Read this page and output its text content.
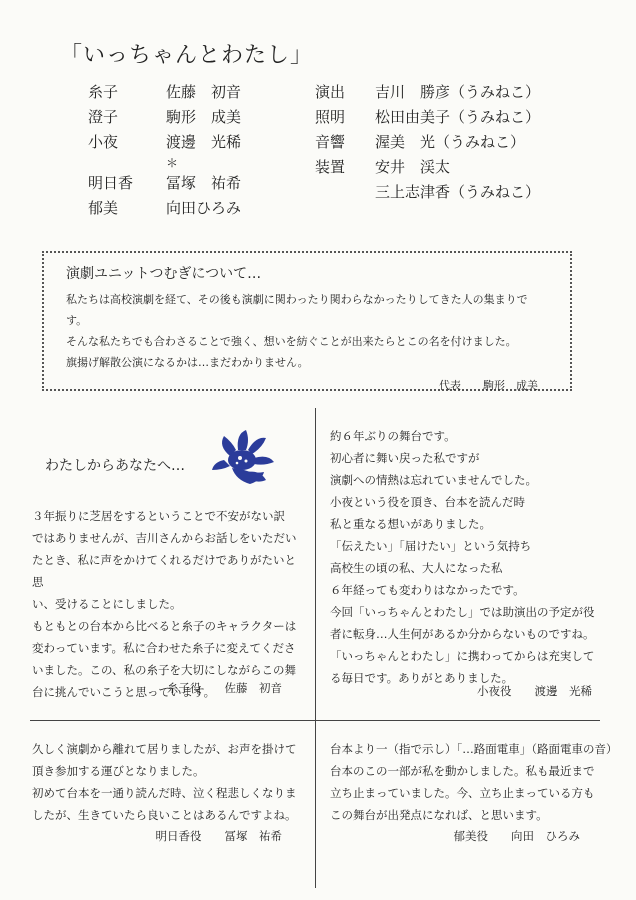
「いっちゃんとわたし」
糸子	佐藤　初音
澄子	駒形　成美
小夜	渡邊　光稀
＊
明日香	冨塚　祐希
郁美	向田ひろみ
演出	吉川　勝彦（うみねこ）
照明	松田由美子（うみねこ）
音響	渥美　光（うみねこ）
装置	安井　渓太
三上志津香（うみねこ）
演劇ユニットつむぎについて…
私たちは高校演劇を経て、その後も演劇に関わったり関わらなかったりしてきた人の集まりです。
そんな私たちでも合わさることで強く、想いを紡ぐことが出来たらとこの名を付けました。
旗揚げ解散公演になるかは…まだわかりません。
代表　　駒形　成美
わたしからあなたへ…
３年振りに芝居をするということで不安がない訳
ではありませんが、吉川さんからお話しをいただい
たとき、私に声をかけてくれるだけでありがたいと思
い、受けることにしました。
もともとの台本から比べると糸子のキャラクターは
変わっています。私に合わせた糸子に変えてくださ
いました。この、私の糸子を大切にしながらこの舞
台に挑んでいこうと思っています。
糸子役　　佐藤　初音
約６年ぶりの舞台です。
初心者に舞い戻った私ですが
演劇への情熱は忘れていませんでした。
小夜という役を頂き、台本を読んだ時
私と重なる想いがありました。
「伝えたい」「届けたい」という気持ち
高校生の頃の私、大人になった私
６年経っても変わりはなかったです。
今回「いっちゃんとわたし」では助演出の予定が役
者に転身…人生何があるか分からないものですね。
「いっちゃんとわたし」に携わってからは充実して
る毎日です。ありがとありました。
小夜役　　渡邊　光稀
久しく演劇から離れて居りましたが、お声を掛けて
頂き参加する運びとなりました。
初めて台本を一通り読んだ時、泣く程悲しくなりま
したが、生きていたら良いことはあるんですよね。
明日香役　　冨塚　祐希
台本より一（指で示し）「…路面電車」（路面電車の音）
台本のこの一部が私を動かしました。私も最近まで
立ち止まっていました。今、立ち止まっている方も
この舞台が出発点になれば、と思います。
郁美役　　向田　ひろみ
